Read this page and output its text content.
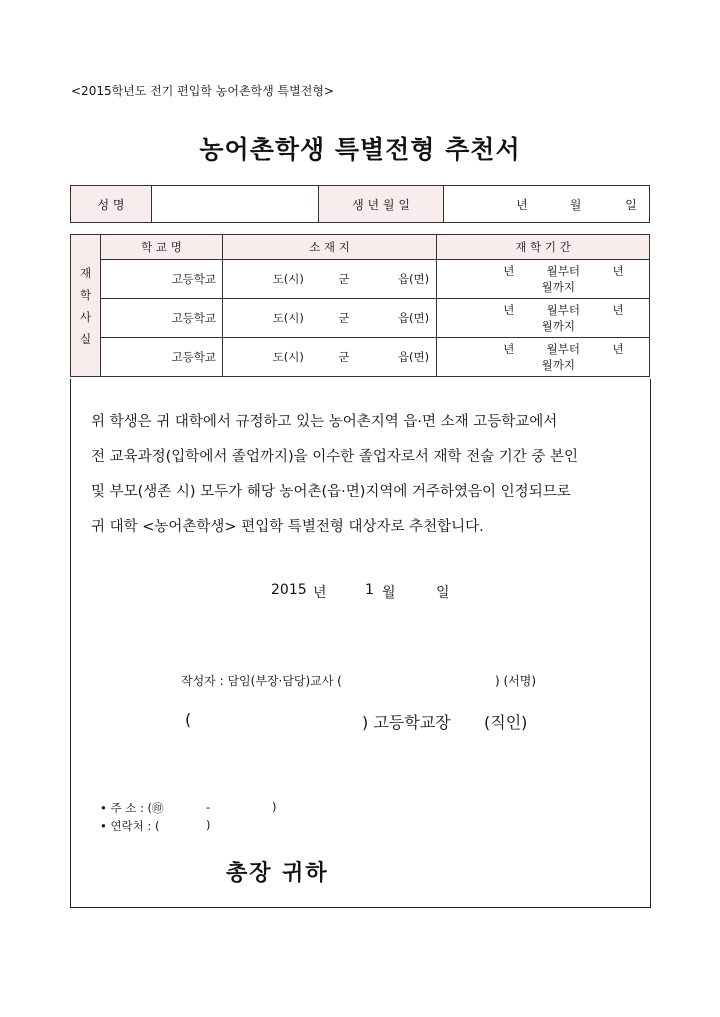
<2015학년도 전기 편입학 농어촌학생 특별전형>
농어촌학생 특별전형 추천서
성 명		생 년 월 일	년	월	일
재
학
사
실	학 교 명	소 재 지	재 학 기 간
	고등학교	도(시) 군 읍(면)	년 월부터 년 월까지
	고등학교	도(시) 군 읍(면)	년 월부터 년 월까지
	고등학교	도(시) 군 읍(면)	년 월부터 년 월까지
위 학생은 귀 대학에서 규정하고 있는 농어촌지역 읍·면 소재 고등학교에서
전 교육과정(입학에서 졸업까지)을 이수한 졸업자로서 재학 전술 기간 중 본인
및 부모(생존 시) 모두가 해당 농어촌(읍·면)지역에 거주하였음이 인정되므로
귀 대학 <농어촌학생> 편입학 특별전형 대상자로 추천합니다.
2015 년	1 월	일
작성자 : 담임(부장·담당)교사 (	) (서명)
(	) 고등학교장 (직인)
• 주 소 : (㊞	-	)
• 연락처 : (	)
총장 귀하
